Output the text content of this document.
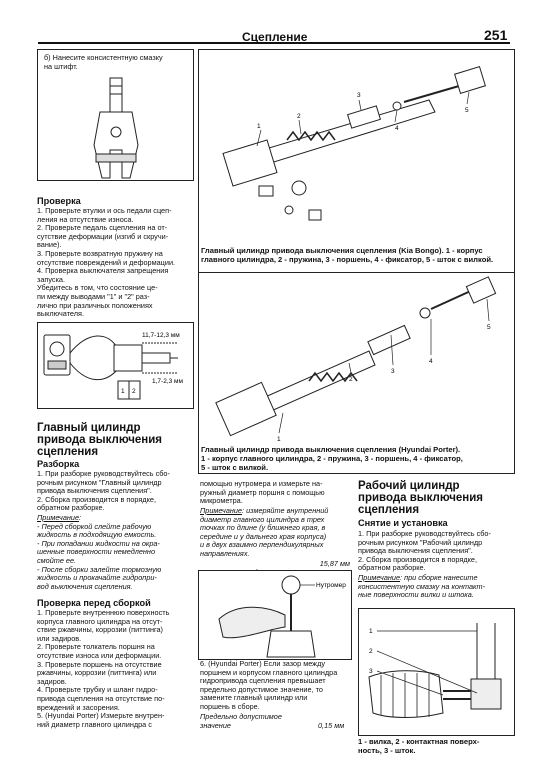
Сцепление	251
б) Нанесите консистентную смазку
на штифт.
Проверка
1. Проверьте втулки и ось педали сцеп-
ления на отсутствие износа.
2. Проверьте педаль сцепления на от-
сутствие деформации (изгиб и скручи-
вание).
3. Проверьте возвратную пружину на
отсутствие повреждений и деформации.
4. Проверка выключателя запрещения
запуска.
Убедитесь в том, что состояние цe-
пи между выводами "1" и "2" раз-
лично при различных положениях
выключателя.
1 2
11,7-12,3 мм
1,7-2,3 мм
Главный цилиндр
привода выключения
сцепления
Разборка
1. При разборке руководствуйтесь сбо-
рочным рисунком "Главный цилиндр
привода выключения сцепления".
2. Сборка производится в порядке,
обратном разборке.
Примечание:
- Перед сборкой слейте рабочую
жидкость в подходящую емкость.
- При попадании жидкости на окра-
шенные поверхности немедленно
смойте ее.
- После сборки залейте тормозную
жидкость и прокачайте гидропри-
вод выключения сцепления.
Проверка перед сборкой
1. Проверьте внутреннюю поверхность
корпуса главного цилиндра на отсут-
ствие ржавчины, коррозии (питтинга)
или задиров.
2. Проверьте толкатель поршня на
отсутствие износа или деформации.
3. Проверьте поршень на отсутствие
ржавчины, коррозии (питтинга) или
задиров.
4. Проверьте трубку и шланг гидро-
привода сцепления на отсутствие по-
вреждений и засорения.
5. (Hyundai Porter) Измерьте внутрен-
ний диаметр главного цилиндра с
1
2
3
4
5
Главный цилиндр привода выключения сцепления (Kia Bongo). 1 - корпус
главного цилиндра, 2 - пружина, 3 - поршень, 4 - фиксатор, 5 - шток с вилкой.
1
2
3
4
5
Главный цилиндр привода выключения сцепления (Hyundai Porter).
1 - корпус главного цилиндра, 2 - пружина, 3 - поршень, 4 - фиксатор,
5 - шток с вилкой.
помощью нутромера и измерьте на-
ружный диаметр поршня с помощью
микрометра.
Примечание: измеряйте внутренний
диаметр главного цилиндра в трех
точках по длине (у ближнего края, в
середине и у дальнего края корпуса)
и в двух взаимно перпендикулярных
направлениях.

15,87 мм

Нутромер
6. (Hyundai Porter) Если зазор между
поршнем и корпусом главного цилиндра
гидропривода сцепления превышает
предельно допустимое значение, то
замените главный цилиндр или
поршень в сборе.
Предельно допустимое
значение	0,15 мм
Рабочий цилиндр
привода выключения
сцепления
Снятие и установка
1. При разборке руководствуйтесь сбо-
рочным рисунком "Рабочий цилиндр
привода выключения сцепления".
2. Сборка производится в порядке,
обратном разборке.
Примечание: при сборке нанесите
консистентную смазку на контакт-
ные поверхности вилки и штока.
1
2
3
1 - вилка, 2 - контактная поверх-
ность, 3 - шток.
